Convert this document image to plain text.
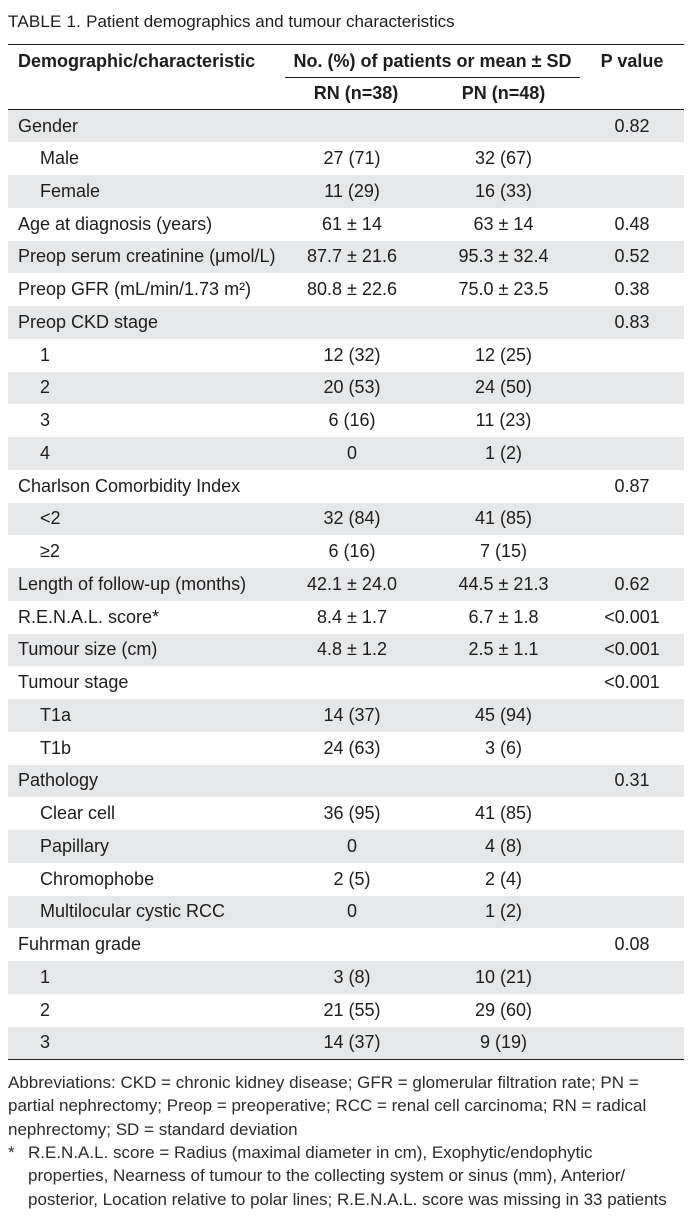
TABLE 1. Patient demographics and tumour characteristics
Demographic/characteristic	No. (%) of patients or mean ± SD		P value
	RN (n=38)	PN (n=48)	
Gender			0.82
Male	27 (71)	32 (67)	
Female	11 (29)	16 (33)	
Age at diagnosis (years)	61 ± 14	63 ± 14	0.48
Preop serum creatinine (μmol/L)	87.7 ± 21.6	95.3 ± 32.4	0.52
Preop GFR (mL/min/1.73 m²)	80.8 ± 22.6	75.0 ± 23.5	0.38
Preop CKD stage			0.83
1	12 (32)	12 (25)	
2	20 (53)	24 (50)	
3	6 (16)	11 (23)	
4	0	1 (2)	
Charlson Comorbidity Index			0.87
<2	32 (84)	41 (85)	
≥2	6 (16)	7 (15)	
Length of follow-up (months)	42.1 ± 24.0	44.5 ± 21.3	0.62
R.E.N.A.L. score*	8.4 ± 1.7	6.7 ± 1.8	<0.001
Tumour size (cm)	4.8 ± 1.2	2.5 ± 1.1	<0.001
Tumour stage			<0.001
T1a	14 (37)	45 (94)	
T1b	24 (63)	3 (6)	
Pathology			0.31
Clear cell	36 (95)	41 (85)	
Papillary	0	4 (8)	
Chromophobe	2 (5)	2 (4)	
Multilocular cystic RCC	0	1 (2)	
Fuhrman grade			0.08
1	3 (8)	10 (21)	
2	21 (55)	29 (60)	
3	14 (37)	9 (19)	
Abbreviations: CKD = chronic kidney disease; GFR = glomerular filtration rate; PN =
partial nephrectomy; Preop = preoperative; RCC = renal cell carcinoma; RN = radical
nephrectomy; SD = standard deviation
* R.E.N.A.L. score = Radius (maximal diameter in cm), Exophytic/endophytic
properties, Nearness of tumour to the collecting system or sinus (mm), Anterior/
posterior, Location relative to polar lines; R.E.N.A.L. score was missing in 33 patients
